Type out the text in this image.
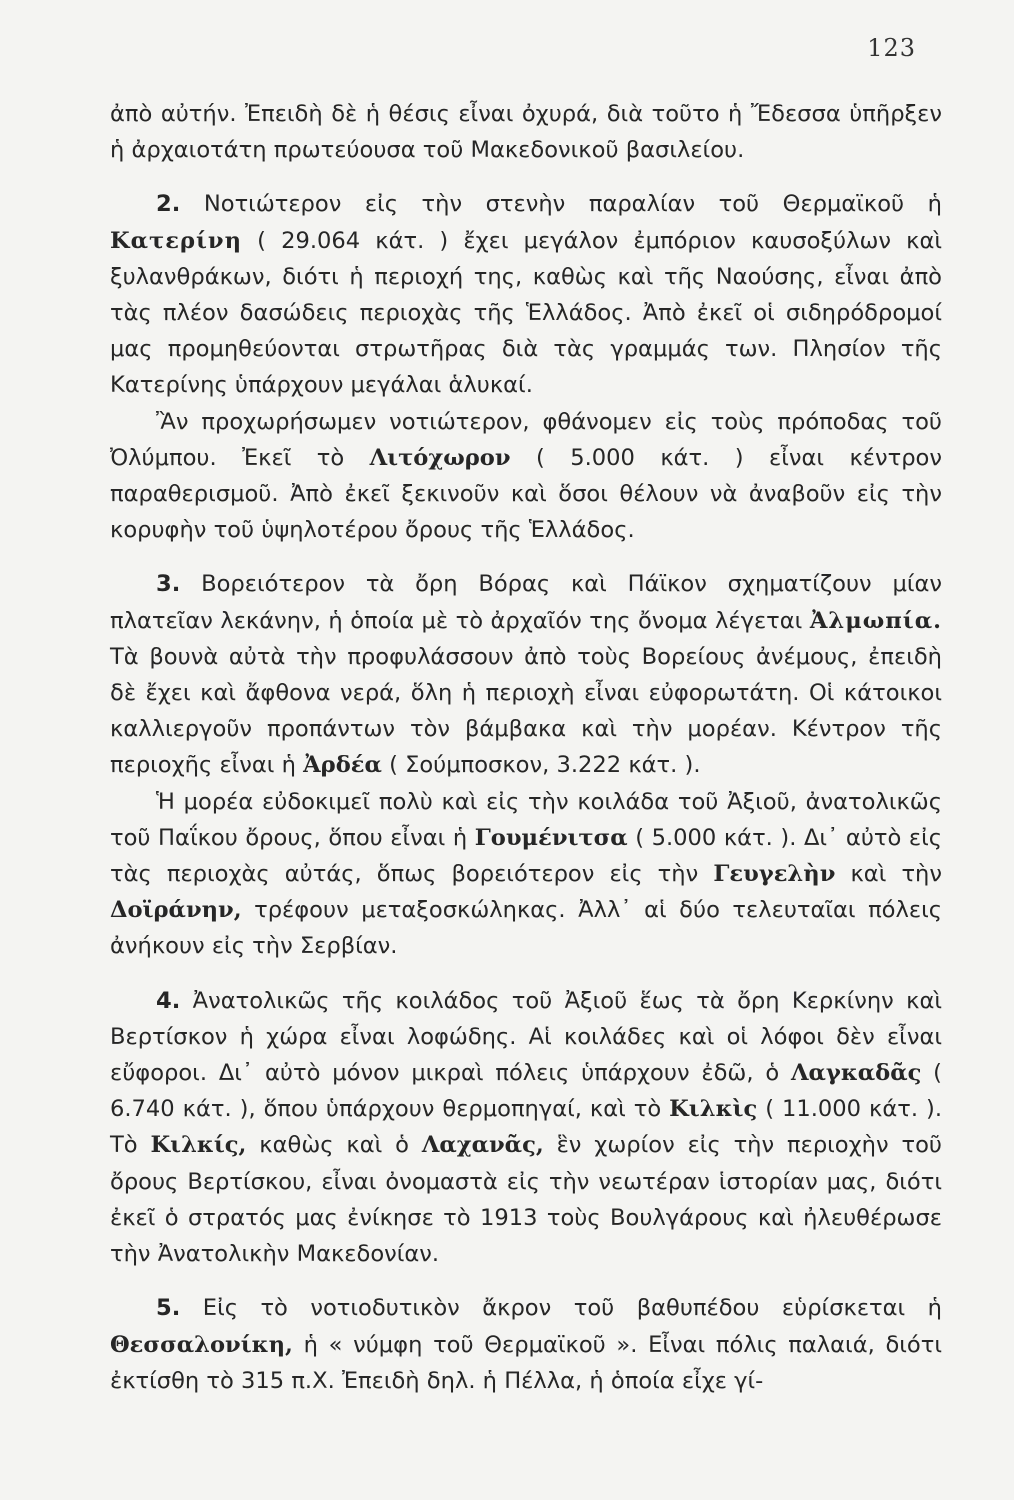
123

ἀπὸ αὐτήν. Ἐπειδὴ δὲ ἡ θέσις εἶναι ὀχυρά, διὰ τοῦτο ἡ Ἔδεσσα ὑπῆρξεν ἡ ἀρχαιοτάτη πρωτεύουσα τοῦ Μακεδονικοῦ βασιλείου.

2. Νοτιώτερον εἰς τὴν στενὴν παραλίαν τοῦ Θερμαϊκοῦ ἡ Κατερίνη ( 29.064 κάτ. ) ἔχει μεγάλον ἐμπόριον καυσοξύλων καὶ ξυλανθράκων, διότι ἡ περιοχή της, καθὼς καὶ τῆς Ναούσης, εἶναι ἀπὸ τὰς πλέον δασώδεις περιοχὰς τῆς Ἑλλάδος. Ἀπὸ ἐκεῖ οἱ σιδηρόδρομοί μας προμηθεύονται στρωτῆρας διὰ τὰς γραμμάς των. Πλησίον τῆς Κατερίνης ὑπάρχουν μεγάλαι ἁλυκαί.

Ἂν προχωρήσωμεν νοτιώτερον, φθάνομεν εἰς τοὺς πρόποδας τοῦ Ὀλύμπου. Ἐκεῖ τὸ Λιτόχωρον ( 5.000 κάτ. ) εἶναι κέντρον παραθερισμοῦ. Ἀπὸ ἐκεῖ ξεκινοῦν καὶ ὅσοι θέλουν νὰ ἀναβοῦν εἰς τὴν κορυφὴν τοῦ ὑψηλοτέρου ὄρους τῆς Ἑλλάδος.

3. Βορειότερον τὰ ὄρη Βόρας καὶ Πάϊκον σχηματίζουν μίαν πλατεῖαν λεκάνην, ἡ ὁποία μὲ τὸ ἀρχαῖόν της ὄνομα λέγεται Ἀλμωπία. Τὰ βουνὰ αὐτὰ τὴν προφυλάσσουν ἀπὸ τοὺς Βορείους ἀνέμους, ἐπειδὴ δὲ ἔχει καὶ ἄφθονα νερά, ὅλη ἡ περιοχὴ εἶναι εὐφορωτάτη. Οἱ κάτοικοι καλλιεργοῦν προπάντων τὸν βάμβακα καὶ τὴν μορέαν. Κέντρον τῆς περιοχῆς εἶναι ἡ Ἀρδέα ( Σούμποσκον, 3.222 κάτ. ).

Ἡ μορέα εὐδοκιμεῖ πολὺ καὶ εἰς τὴν κοιλάδα τοῦ Ἀξιοῦ, ἀνατολικῶς τοῦ Παΐκου ὄρους, ὅπου εἶναι ἡ Γουμένιτσα ( 5.000 κάτ. ). Δι᾿ αὐτὸ εἰς τὰς περιοχὰς αὐτάς, ὅπως βορειότερον εἰς τὴν Γευγελὴν καὶ τὴν Δοϊράνην, τρέφουν μεταξοσκώληκας. Ἀλλ᾿ αἱ δύο τελευταῖαι πόλεις ἀνήκουν εἰς τὴν Σερβίαν.

4. Ἀνατολικῶς τῆς κοιλάδος τοῦ Ἀξιοῦ ἕως τὰ ὄρη Κερκίνην καὶ Βερτίσκον ἡ χώρα εἶναι λοφώδης. Αἱ κοιλάδες καὶ οἱ λόφοι δὲν εἶναι εὔφοροι. Δι᾿ αὐτὸ μόνον μικραὶ πόλεις ὑπάρχουν ἐδῶ, ὁ Λαγκαδᾶς ( 6.740 κάτ. ), ὅπου ὑπάρχουν θερμοπηγαί, καὶ τὸ Κιλκὶς ( 11.000 κάτ. ). Τὸ Κιλκίς, καθὼς καὶ ὁ Λαχανᾶς, ἓν χωρίον εἰς τὴν περιοχὴν τοῦ ὄρους Βερτίσκου, εἶναι ὀνομαστὰ εἰς τὴν νεωτέραν ἱστορίαν μας, διότι ἐκεῖ ὁ στρατός μας ἐνίκησε τὸ 1913 τοὺς Βουλγάρους καὶ ἠλευθέρωσε τὴν Ἀνατολικὴν Μακεδονίαν.

5. Εἰς τὸ νοτιοδυτικὸν ἄκρον τοῦ βαθυπέδου εὑρίσκεται ἡ Θεσσαλονίκη, ἡ « νύμφη τοῦ Θερμαϊκοῦ ». Εἶναι πόλις παλαιά, διότι ἐκτίσθη τὸ 315 π.Χ. Ἐπειδὴ δηλ. ἡ Πέλλα, ἡ ὁποία εἶχε γί-
